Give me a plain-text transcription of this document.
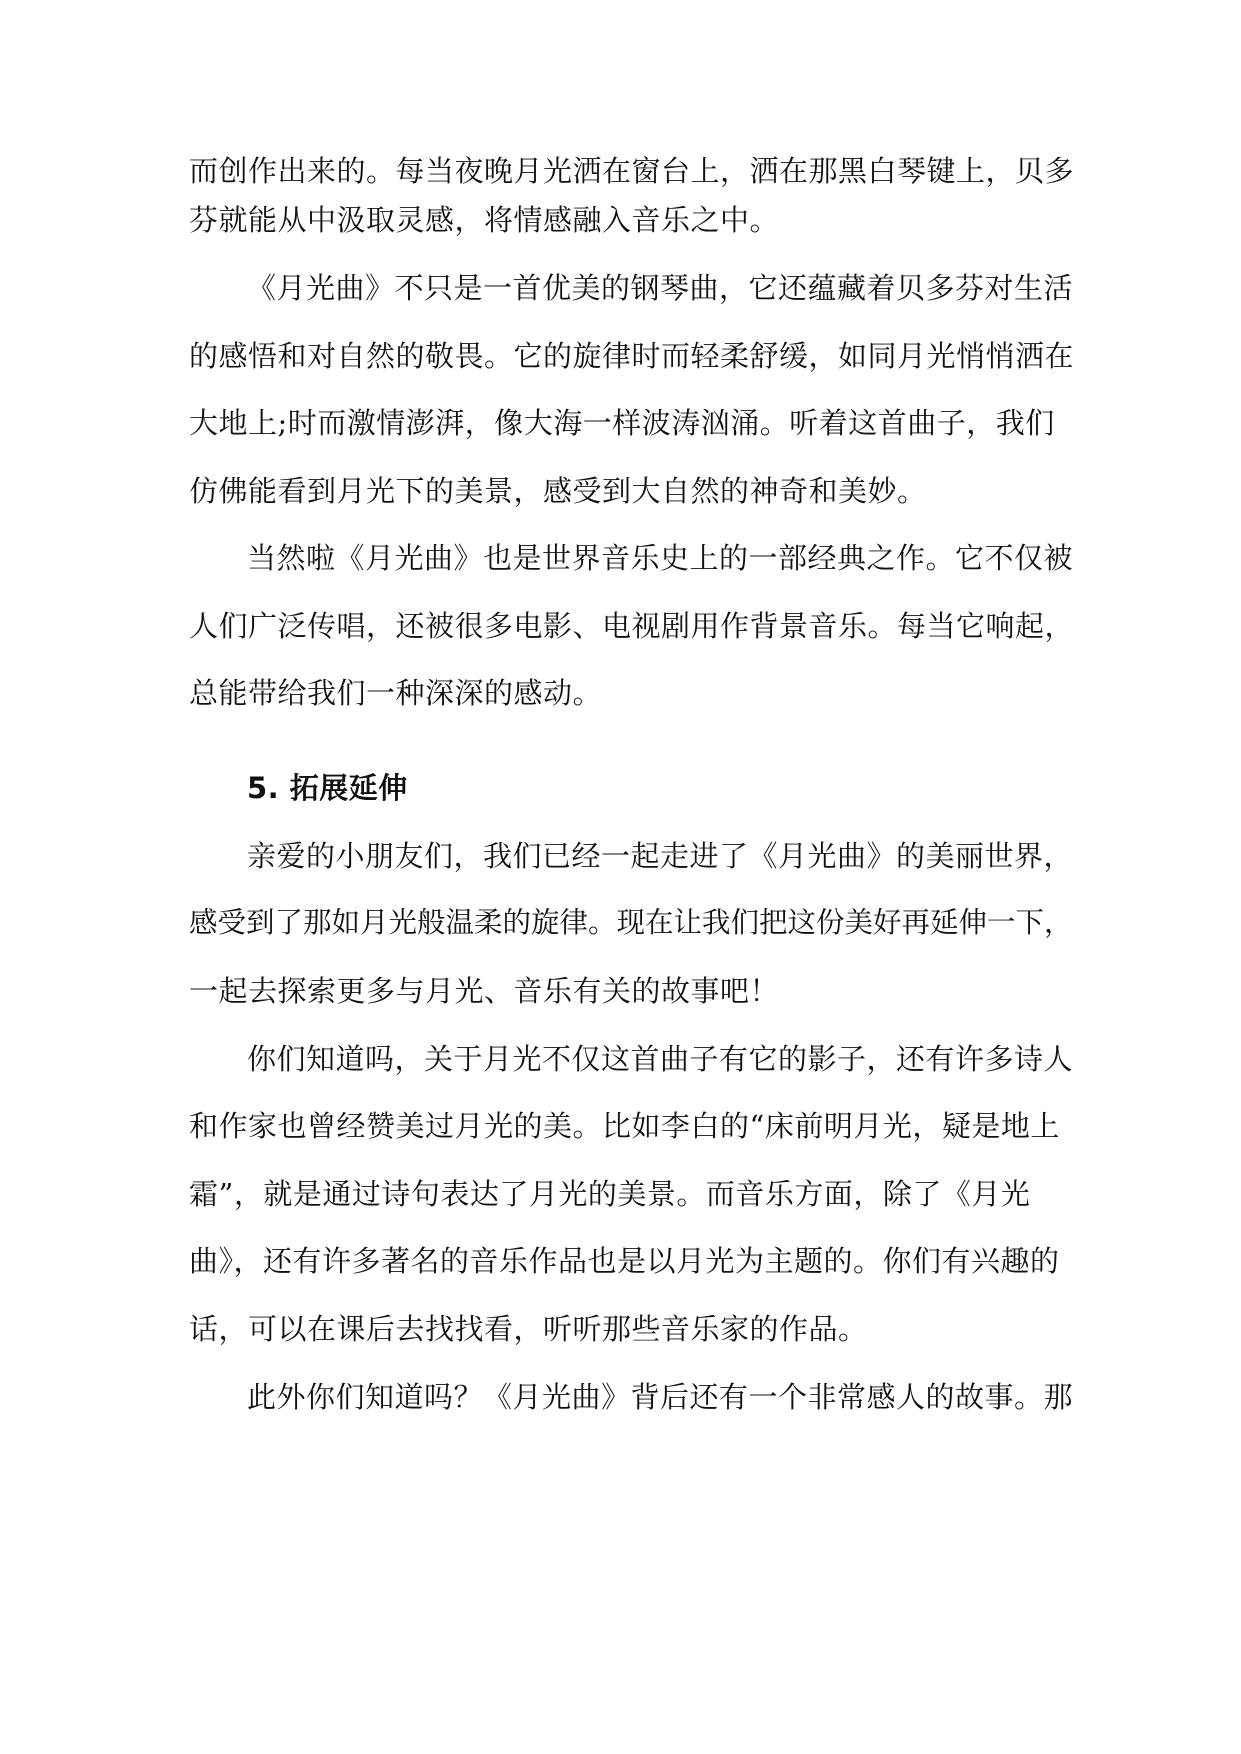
而创作出来的。每当夜晚月光洒在窗台上，洒在那黑白琴键上，贝多
芬就能从中汲取灵感，将情感融入音乐之中。
《月光曲》不只是一首优美的钢琴曲，它还蕴藏着贝多芬对生活
的感悟和对自然的敬畏。它的旋律时而轻柔舒缓，如同月光悄悄洒在
大地上;时而激情澎湃，像大海一样波涛汹涌。听着这首曲子，我们
仿佛能看到月光下的美景，感受到大自然的神奇和美妙。
当然啦《月光曲》也是世界音乐史上的一部经典之作。它不仅被
人们广泛传唱，还被很多电影、电视剧用作背景音乐。每当它响起，
总能带给我们一种深深的感动。
5. 拓展延伸
亲爱的小朋友们，我们已经一起走进了《月光曲》的美丽世界，
感受到了那如月光般温柔的旋律。现在让我们把这份美好再延伸一下，
一起去探索更多与月光、音乐有关的故事吧！
你们知道吗，关于月光不仅这首曲子有它的影子，还有许多诗人
和作家也曾经赞美过月光的美。比如李白的“床前明月光，疑是地上
霜”，就是通过诗句表达了月光的美景。而音乐方面，除了《月光
曲》，还有许多著名的音乐作品也是以月光为主题的。你们有兴趣的
话，可以在课后去找找看，听听那些音乐家的作品。
此外你们知道吗？《月光曲》背后还有一个非常感人的故事。那
